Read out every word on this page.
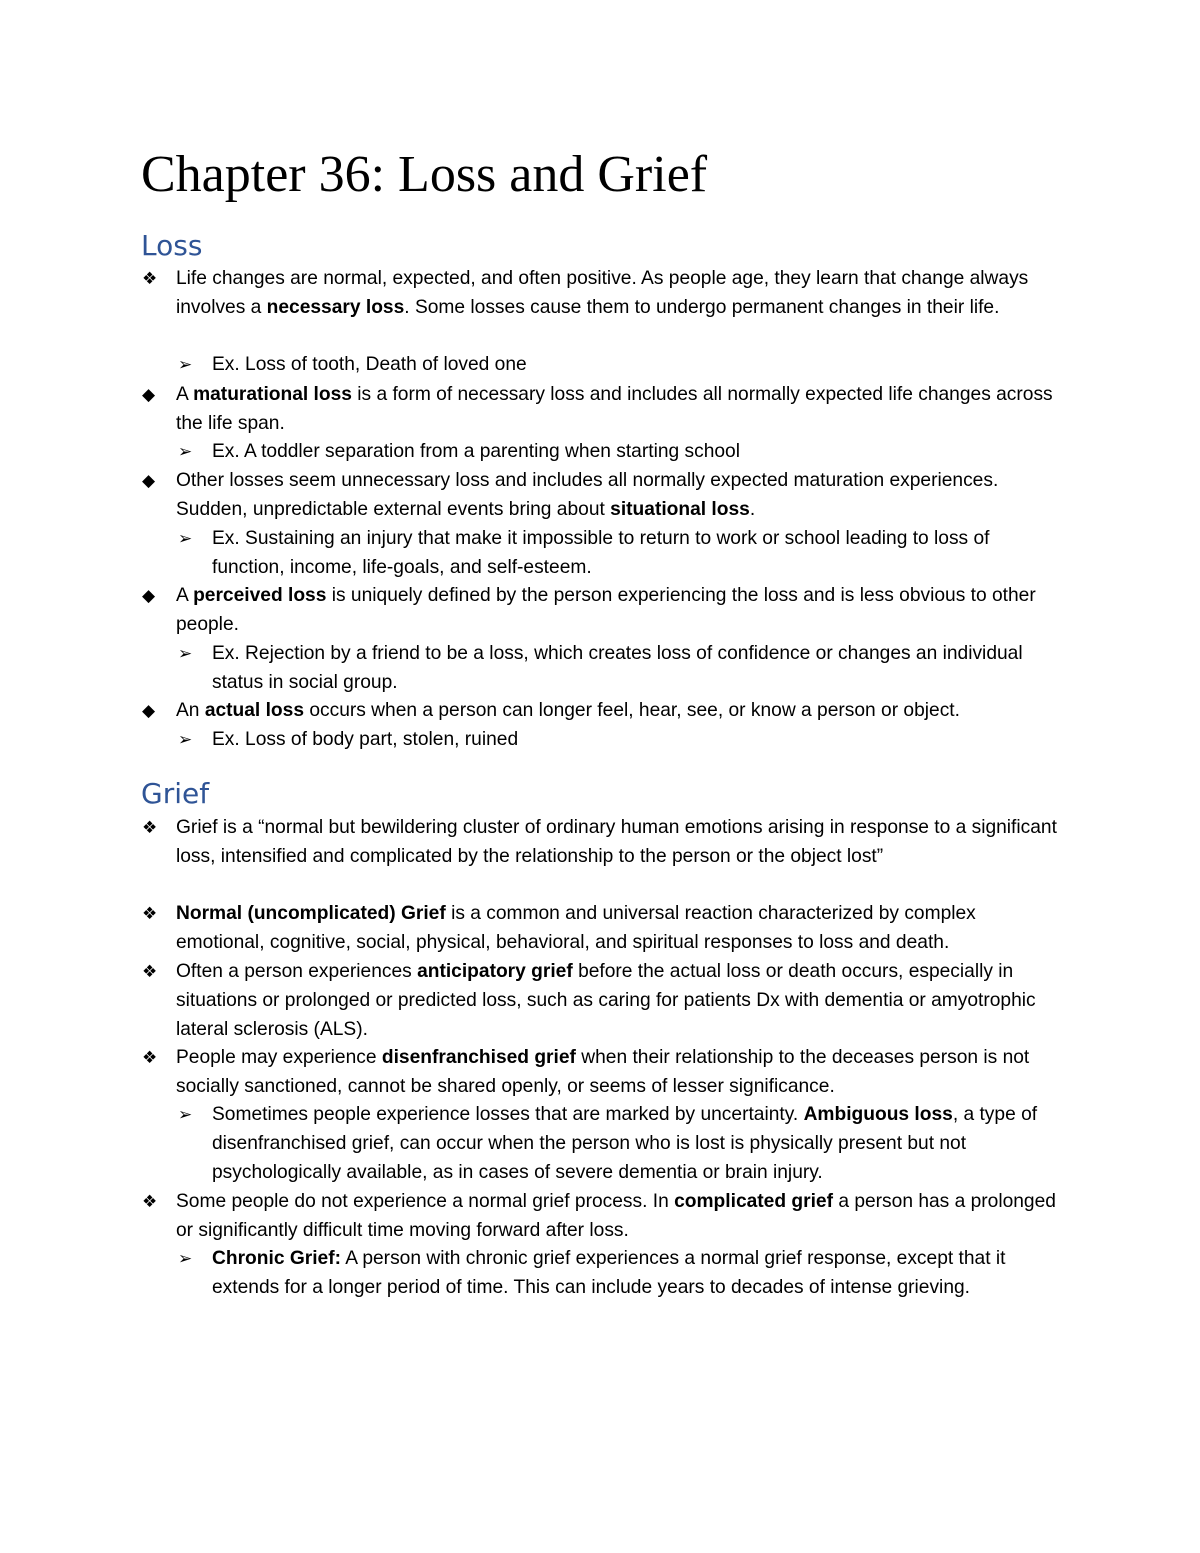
Chapter 36: Loss and Grief
Loss
❖ Life changes are normal, expected, and often positive. As people age, they learn that change always involves a necessary loss. Some losses cause them to undergo permanent changes in their life.
➢ Ex. Loss of tooth, Death of loved one
◆ A maturational loss is a form of necessary loss and includes all normally expected life changes across the life span.
➢ Ex. A toddler separation from a parenting when starting school
◆ Other losses seem unnecessary loss and includes all normally expected maturation experiences. Sudden, unpredictable external events bring about situational loss.
➢ Ex. Sustaining an injury that make it impossible to return to work or school leading to loss of function, income, life-goals, and self-esteem.
◆ A perceived loss is uniquely defined by the person experiencing the loss and is less obvious to other people.
➢ Ex. Rejection by a friend to be a loss, which creates loss of confidence or changes an individual status in social group.
◆ An actual loss occurs when a person can longer feel, hear, see, or know a person or object.
➢ Ex. Loss of body part, stolen, ruined
Grief
❖ Grief is a “normal but bewildering cluster of ordinary human emotions arising in response to a significant loss, intensified and complicated by the relationship to the person or the object lost”
❖ Normal (uncomplicated) Grief is a common and universal reaction characterized by complex emotional, cognitive, social, physical, behavioral, and spiritual responses to loss and death.
❖ Often a person experiences anticipatory grief before the actual loss or death occurs, especially in situations or prolonged or predicted loss, such as caring for patients Dx with dementia or amyotrophic lateral sclerosis (ALS).
❖ People may experience disenfranchised grief when their relationship to the deceases person is not socially sanctioned, cannot be shared openly, or seems of lesser significance.
➢ Sometimes people experience losses that are marked by uncertainty. Ambiguous loss, a type of disenfranchised grief, can occur when the person who is lost is physically present but not psychologically available, as in cases of severe dementia or brain injury.
❖ Some people do not experience a normal grief process. In complicated grief a person has a prolonged or significantly difficult time moving forward after loss.
➢ Chronic Grief: A person with chronic grief experiences a normal grief response, except that it extends for a longer period of time. This can include years to decades of intense grieving.
